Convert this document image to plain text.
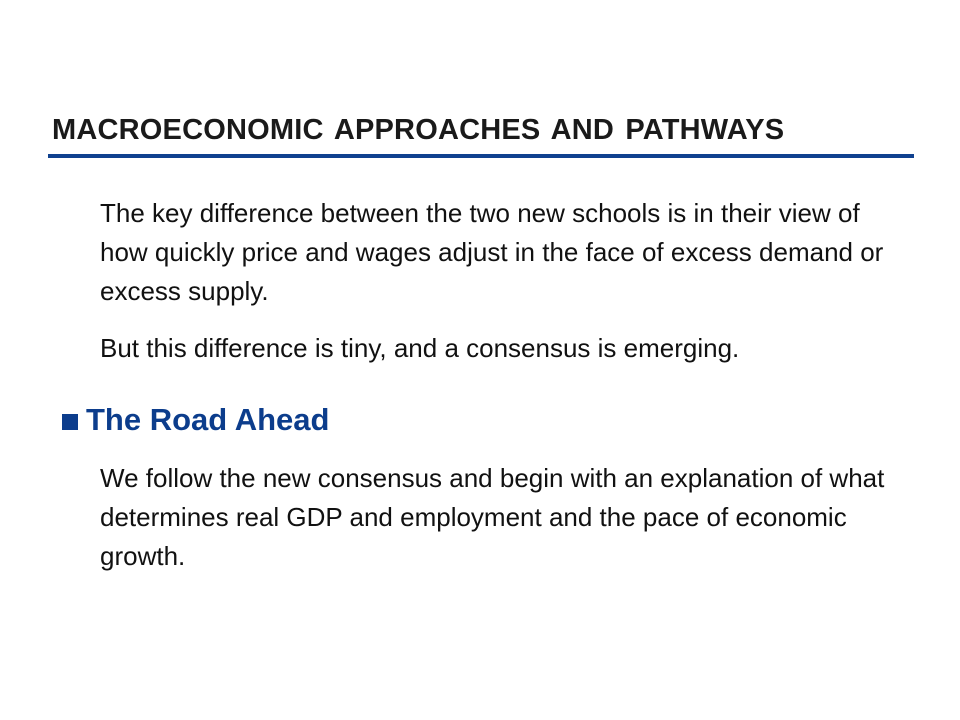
MACROECONOMIC APPROACHES AND PATHWAYS

The key difference between the two new schools is in their view of how quickly price and wages adjust in the face of excess demand or excess supply.

But this difference is tiny, and a consensus is emerging.

The Road Ahead

We follow the new consensus and begin with an explanation of what determines real GDP and employment and the pace of economic growth.
